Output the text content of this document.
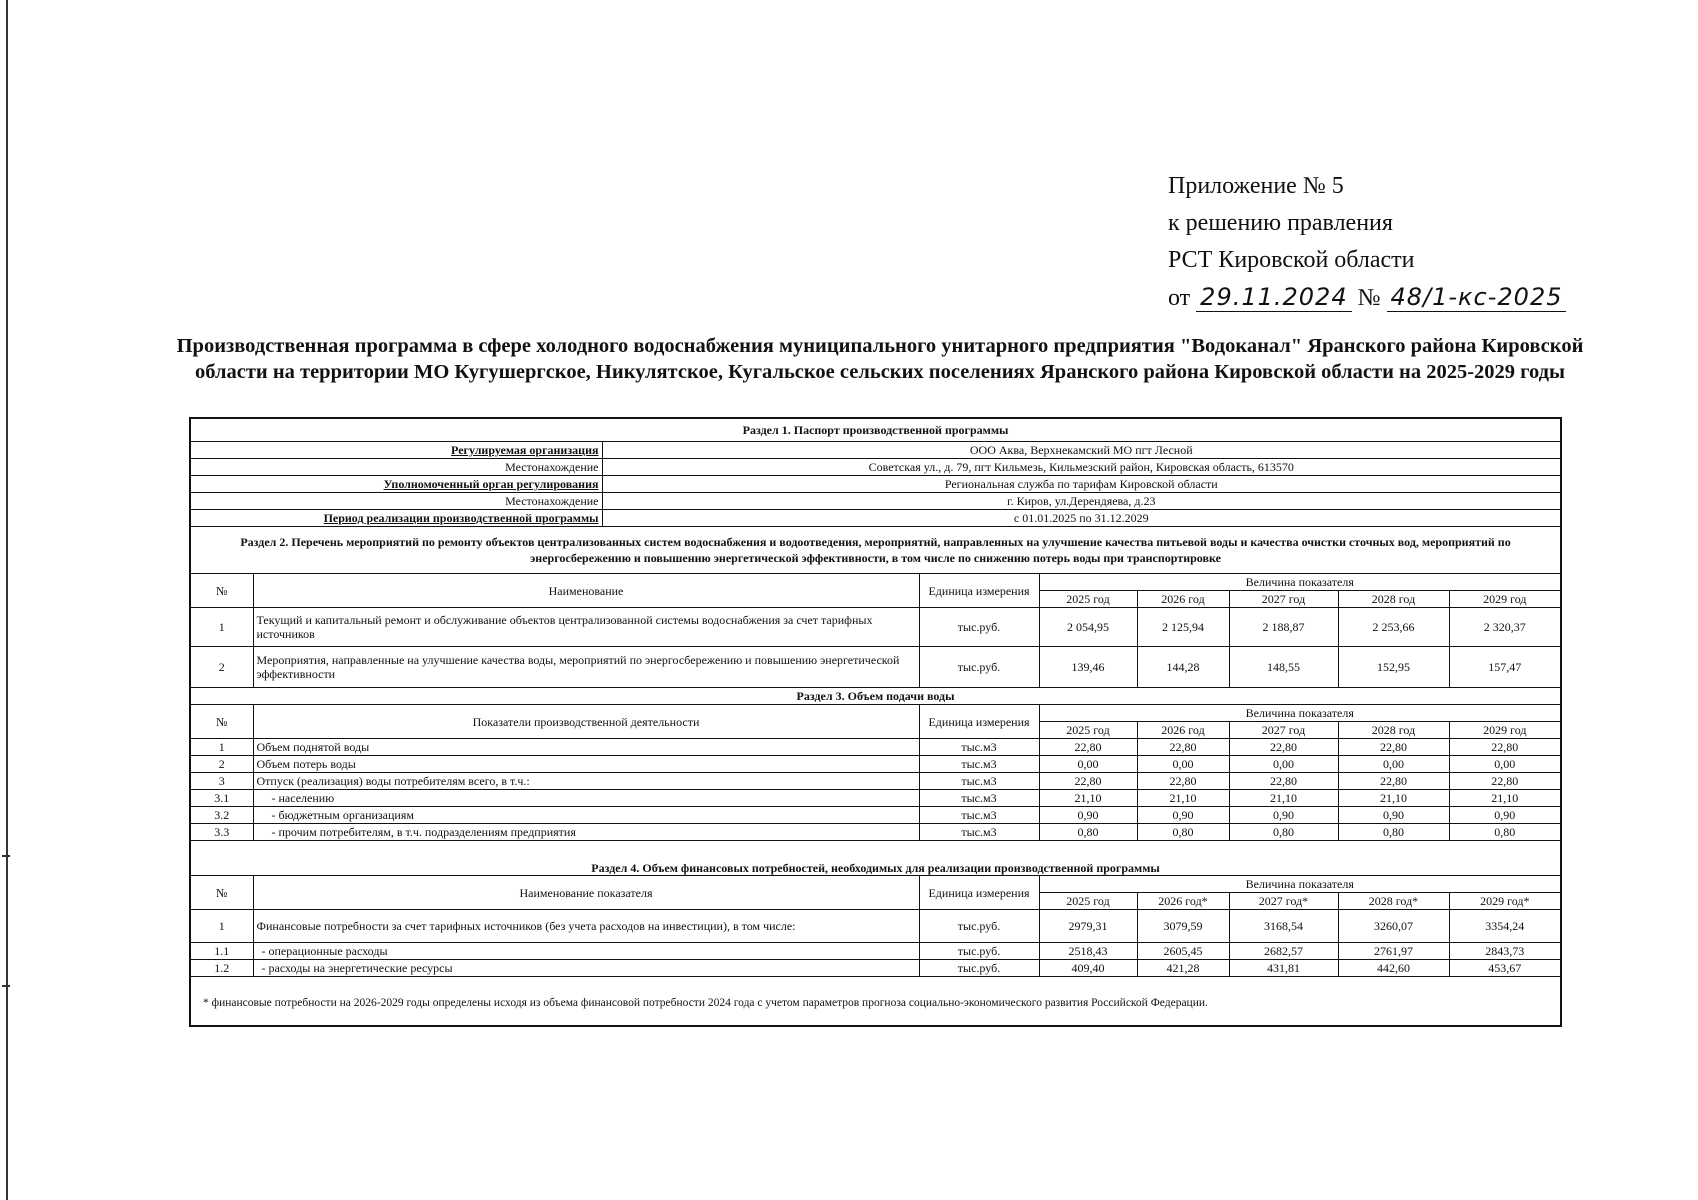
Приложение № 5
к решению правления
РСТ Кировской области
от 29.11.2024 № 48/1-кс-2025
Производственная программа в сфере холодного водоснабжения муниципального унитарного предприятия "Водоканал" Яранского района Кировской области на территории МО Кугушергское, Никулятское, Кугальское сельских поселениях Яранского района Кировской области на 2025-2029 годы
Раздел 1. Паспорт производственной программы								
Регулируемая организация		ООО Аква, Верхнекамский МО пгт Лесной						
Местонахождение		Советская ул., д. 79, пгт Кильмезь, Кильмезский район, Кировская область, 613570						
Уполномоченный орган регулирования		Региональная служба по тарифам Кировской области						
Местонахождение		г. Киров, ул.Дерендяева, д.23						
Период реализации производственной программы		с 01.01.2025 по 31.12.2029						
Раздел 2. Перечень мероприятий по ремонту объектов централизованных систем водоснабжения и водоотведения, мероприятий, направленных на улучшение качества питьевой воды и качества очистки сточных вод, мероприятий по энергосбережению и повышению энергетической эффективности, в том числе по снижению потерь воды при транспортировке								
№	Наименование		Единица измерения	Величина показателя				
				2025 год	2026 год	2027 год	2028 год	2029 год
1	Текущий и капитальный ремонт и обслуживание объектов централизованной системы водоснабжения за счет тарифных источников		тыс.руб.	2 054,95	2 125,94	2 188,87	2 253,66	2 320,37
2	Мероприятия, направленные на улучшение качества воды, мероприятий по энергосбережению и повышению энергетической эффективности		тыс.руб.	139,46	144,28	148,55	152,95	157,47
Раздел 3. Объем подачи воды								
№	Показатели производственной деятельности		Единица измерения	Величина показателя				
				2025 год	2026 год	2027 год	2028 год	2029 год
1	Объем поднятой воды		тыс.м3	22,80	22,80	22,80	22,80	22,80
2	Объем потерь воды		тыс.м3	0,00	0,00	0,00	0,00	0,00
3	Отпуск (реализация) воды потребителям всего, в т.ч.:		тыс.м3	22,80	22,80	22,80	22,80	22,80
3.1	- населению		тыс.м3	21,10	21,10	21,10	21,10	21,10
3.2	- бюджетным организациям		тыс.м3	0,90	0,90	0,90	0,90	0,90
3.3	- прочим потребителям, в т.ч. подразделениям предприятия		тыс.м3	0,80	0,80	0,80	0,80	0,80
Раздел 4. Объем финансовых потребностей, необходимых для реализации производственной программы								
№	Наименование показателя		Единица измерения	Величина показателя				
				2025 год	2026 год*	2027 год*	2028 год*	2029 год*
1	Финансовые потребности за счет тарифных источников (без учета расходов на инвестиции), в том числе:		тыс.руб.	2979,31	3079,59	3168,54	3260,07	3354,24
1.1	- операционные расходы		тыс.руб.	2518,43	2605,45	2682,57	2761,97	2843,73
1.2	- расходы на энергетические ресурсы		тыс.руб.	409,40	421,28	431,81	442,60	453,67
* финансовые потребности на 2026-2029 годы определены исходя из объема финансовой потребности 2024 года с учетом параметров прогноза социально-экономического развития Российской Федерации.								
